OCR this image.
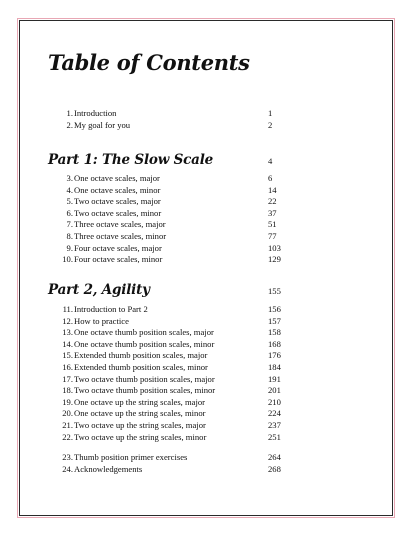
Table of Contents
1. Introduction	1
2. My goal for you	2
Part 1: The Slow Scale	4
3. One octave scales, major	6
4. One octave scales, minor	14
5. Two octave scales, major	22
6. Two octave scales, minor	37
7. Three octave scales, major	51
8. Three octave scales, minor	77
9. Four octave scales, major	103
10. Four octave scales, minor	129
Part 2, Agility	155
11. Introduction to Part 2	156
12. How to practice	157
13. One octave thumb position scales, major	158
14. One octave thumb position scales, minor	168
15. Extended thumb position scales, major	176
16. Extended thumb position scales, minor	184
17. Two octave thumb position scales, major	191
18. Two octave thumb position scales, minor	201
19. One octave up the string scales, major	210
20. One octave up the string scales, minor	224
21. Two octave up the string scales, major	237
22. Two octave up the string scales, minor	251
23. Thumb position primer exercises	264
24. Acknowledgements	268
